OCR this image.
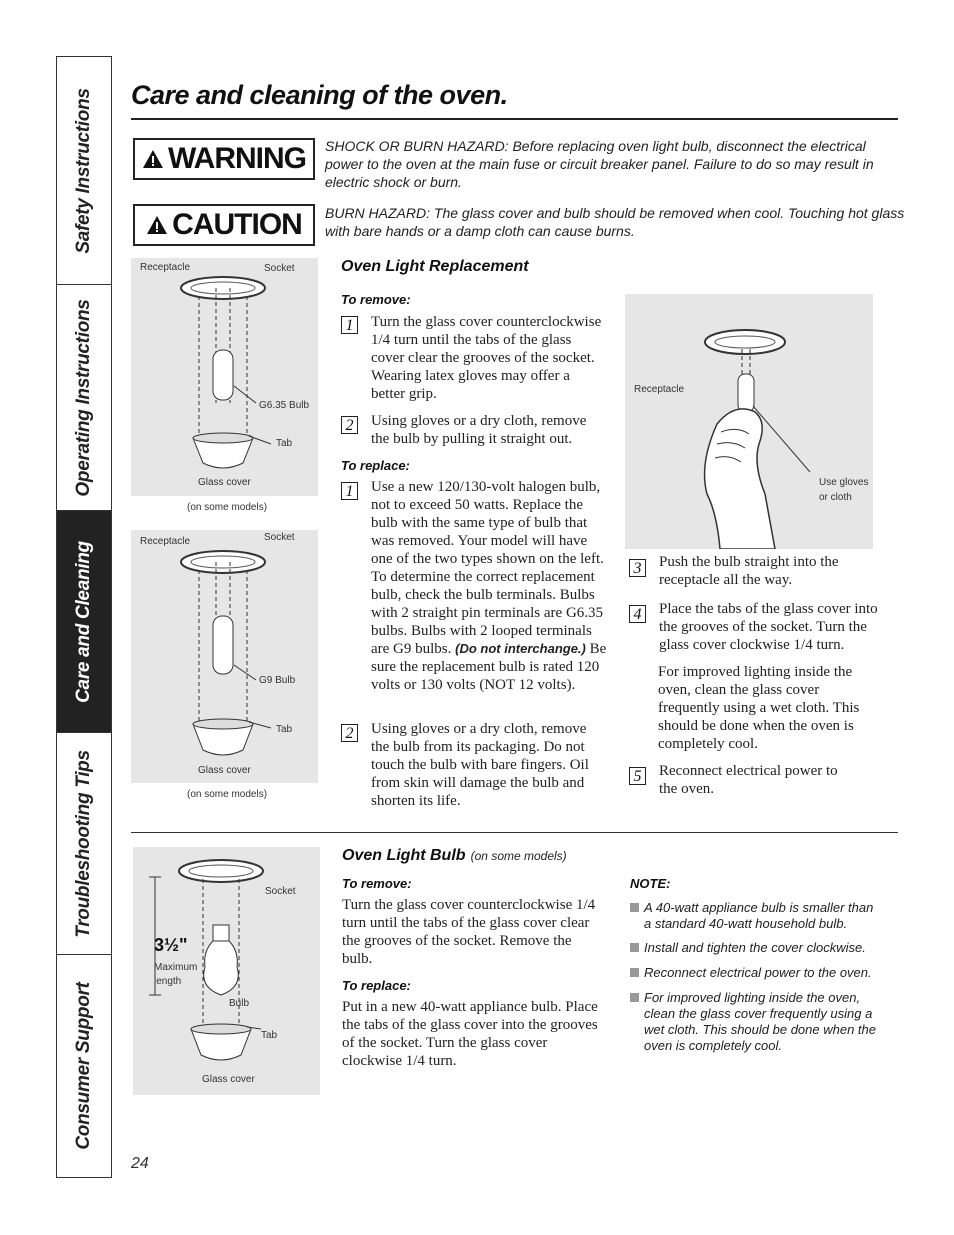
Safety Instructions
Operating Instructions
Care and Cleaning
Troubleshooting Tips
Consumer Support
Care and cleaning of the oven.
WARNING SHOCK OR BURN HAZARD: Before replacing oven light bulb, disconnect the electrical power to the oven at the main fuse or circuit breaker panel. Failure to do so may result in electric shock or burn.
CAUTION BURN HAZARD: The glass cover and bulb should be removed when cool. Touching hot glass with bare hands or a damp cloth can cause burns.
Receptacle	Socket
G6.35 Bulb
Tab
Glass cover
(on some models)
Receptacle	Socket
G9 Bulb
Tab
Glass cover
(on some models)
Oven Light Replacement
To remove:
1	Turn the glass cover counterclockwise 1/4 turn until the tabs of the glass cover clear the grooves of the socket. Wearing latex gloves may offer a better grip.
2	Using gloves or a dry cloth, remove the bulb by pulling it straight out.
To replace:
1	Use a new 120/130-volt halogen bulb, not to exceed 50 watts. Replace the bulb with the same type of bulb that was removed. Your model will have one of the two types shown on the left. To determine the correct replacement bulb, check the bulb terminals. Bulbs with 2 straight pin terminals are G6.35 bulbs. Bulbs with 2 looped terminals are G9 bulbs. (Do not interchange.) Be sure the replacement bulb is rated 120 volts or 130 volts (NOT 12 volts).
2	Using gloves or a dry cloth, remove the bulb from its packaging. Do not touch the bulb with bare fingers. Oil from skin will damage the bulb and shorten its life.
Receptacle
Use gloves or cloth
3	Push the bulb straight into the receptacle all the way.
4	Place the tabs of the glass cover into the grooves of the socket. Turn the glass cover clockwise 1/4 turn.
For improved lighting inside the oven, clean the glass cover frequently using a wet cloth. This should be done when the oven is completely cool.
5	Reconnect electrical power to the oven.
Socket
3½"
Maximum length
Bulb
Tab
Glass cover
Oven Light Bulb (on some models)
To remove:
Turn the glass cover counterclockwise 1/4 turn until the tabs of the glass cover clear the grooves of the socket. Remove the bulb.
To replace:
Put in a new 40-watt appliance bulb. Place the tabs of the glass cover into the grooves of the socket. Turn the glass cover clockwise 1/4 turn.
NOTE:
A 40-watt appliance bulb is smaller than a standard 40-watt household bulb.
Install and tighten the cover clockwise.
Reconnect electrical power to the oven.
For improved lighting inside the oven, clean the glass cover frequently using a wet cloth. This should be done when the oven is completely cool.
24
